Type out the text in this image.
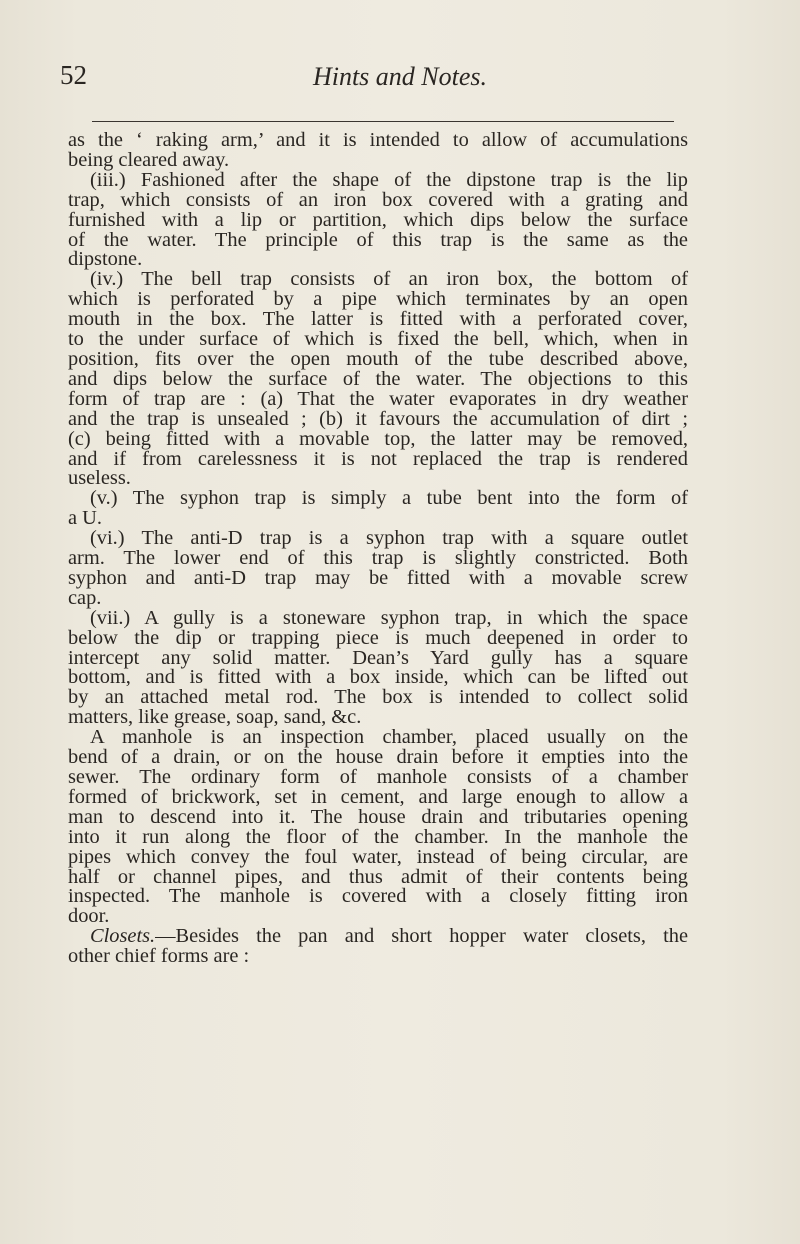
52	Hints and Notes.
as the ‘ raking arm,’ and it is intended to allow of accumulations
being cleared away.
(iii.) Fashioned after the shape of the dipstone trap is the lip
trap, which consists of an iron box covered with a grating and
furnished with a lip or partition, which dips below the surface
of the water. The principle of this trap is the same as the
dipstone.
(iv.) The bell trap consists of an iron box, the bottom of
which is perforated by a pipe which terminates by an open
mouth in the box. The latter is fitted with a perforated cover,
to the under surface of which is fixed the bell, which, when in
position, fits over the open mouth of the tube described above,
and dips below the surface of the water. The objections to this
form of trap are : (a) That the water evaporates in dry weather
and the trap is unsealed ; (b) it favours the accumulation of dirt ;
(c) being fitted with a movable top, the latter may be removed,
and if from carelessness it is not replaced the trap is rendered
useless.
(v.) The syphon trap is simply a tube bent into the form of
a U.
(vi.) The anti-D trap is a syphon trap with a square outlet
arm. The lower end of this trap is slightly constricted. Both
syphon and anti-D trap may be fitted with a movable screw
cap.
(vii.) A gully is a stoneware syphon trap, in which the space
below the dip or trapping piece is much deepened in order to
intercept any solid matter. Dean’s Yard gully has a square
bottom, and is fitted with a box inside, which can be lifted out
by an attached metal rod. The box is intended to collect solid
matters, like grease, soap, sand, &c.
A manhole is an inspection chamber, placed usually on the
bend of a drain, or on the house drain before it empties into the
sewer. The ordinary form of manhole consists of a chamber
formed of brickwork, set in cement, and large enough to allow a
man to descend into it. The house drain and tributaries opening
into it run along the floor of the chamber. In the manhole the
pipes which convey the foul water, instead of being circular, are
half or channel pipes, and thus admit of their contents being
inspected. The manhole is covered with a closely fitting iron
door.
Closets.—Besides the pan and short hopper water closets, the
other chief forms are :
